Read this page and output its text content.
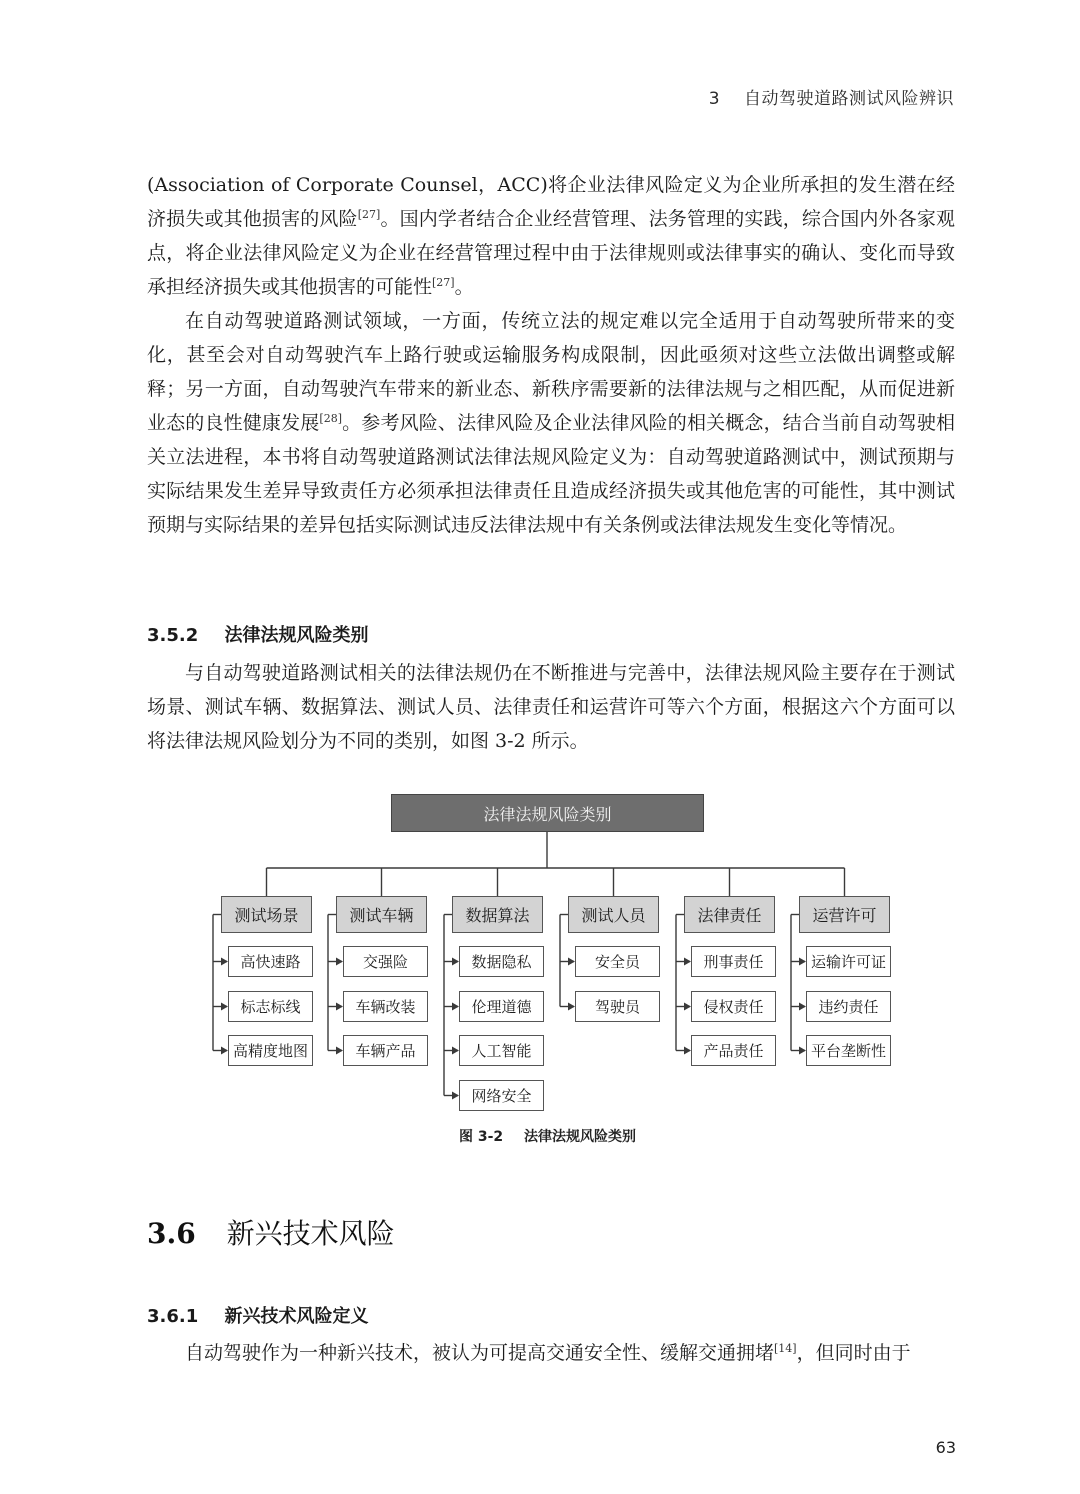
3 自动驾驶道路测试风险辨识

(Association of Corporate Counsel，ACC)将企业法律风险定义为企业所承担的发生潜在经济损失或其他损害的风险[27]。国内学者结合企业经营管理、法务管理的实践，综合国内外各家观点，将企业法律风险定义为企业在经营管理过程中由于法律规则或法律事实的确认、变化而导致承担经济损失或其他损害的可能性[27]。

在自动驾驶道路测试领域，一方面，传统立法的规定难以完全适用于自动驾驶所带来的变化，甚至会对自动驾驶汽车上路行驶或运输服务构成限制，因此亟须对这些立法做出调整或解释；另一方面，自动驾驶汽车带来的新业态、新秩序需要新的法律法规与之相匹配，从而促进新业态的良性健康发展[28]。参考风险、法律风险及企业法律风险的相关概念，结合当前自动驾驶相关立法进程，本书将自动驾驶道路测试法律法规风险定义为：自动驾驶道路测试中，测试预期与实际结果发生差异导致责任方必须承担法律责任且造成经济损失或其他危害的可能性，其中测试预期与实际结果的差异包括实际测试违反法律法规中有关条例或法律法规发生变化等情况。

3.5.2 法律法规风险类别

与自动驾驶道路测试相关的法律法规仍在不断推进与完善中，法律法规风险主要存在于测试场景、测试车辆、数据算法、测试人员、法律责任和运营许可等六个方面，根据这六个方面可以将法律法规风险划分为不同的类别，如图 3-2 所示。

法律法规风险类别
测试场景
高快速路
标志标线
高精度地图
测试车辆
交强险
车辆改装
车辆产品
数据算法
数据隐私
伦理道德
人工智能
网络安全
测试人员
安全员
驾驶员
法律责任
刑事责任
侵权责任
产品责任
运营许可
运输许可证
违约责任
平台垄断性
图 3-2 法律法规风险类别
3.6 新兴技术风险
3.6.1 新兴技术风险定义

自动驾驶作为一种新兴技术，被认为可提高交通安全性、缓解交通拥堵[14]，但同时由于

63
